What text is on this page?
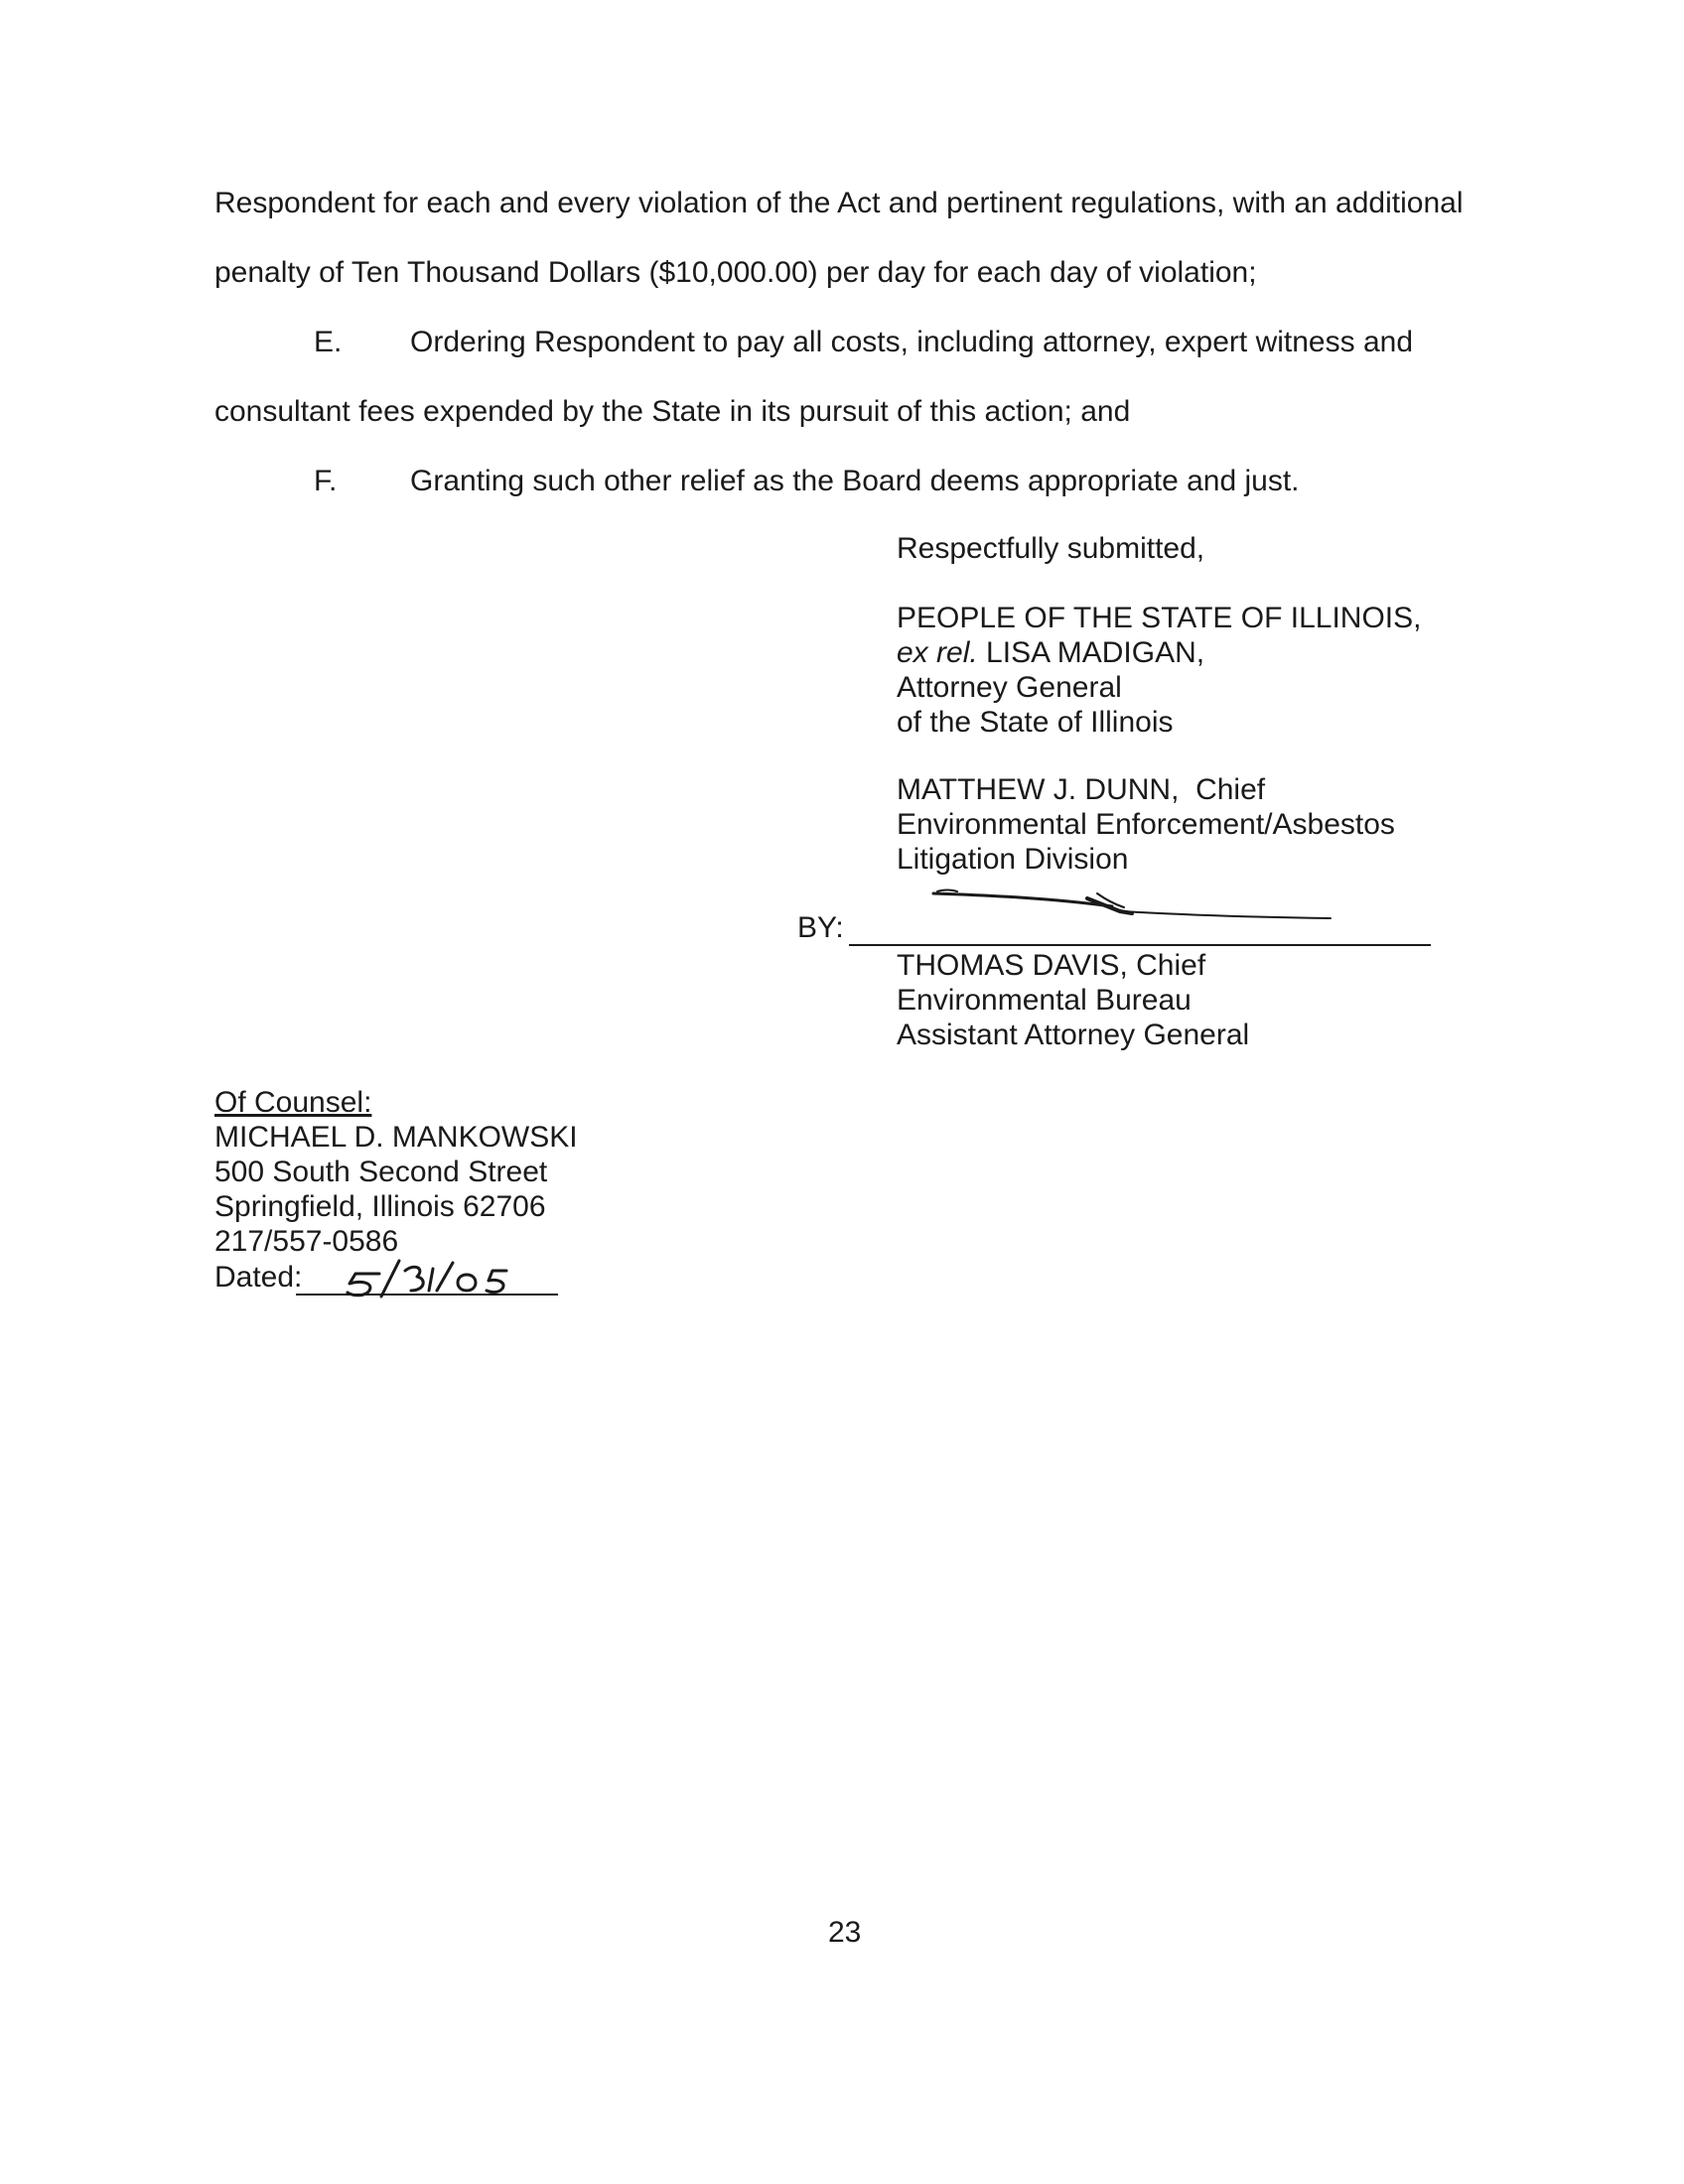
Respondent for each and every violation of the Act and pertinent regulations, with an additional
penalty of Ten Thousand Dollars ($10,000.00) per day for each day of violation;
E. Ordering Respondent to pay all costs, including attorney, expert witness and
consultant fees expended by the State in its pursuit of this action; and
F. Granting such other relief as the Board deems appropriate and just.
Respectfully submitted,
PEOPLE OF THE STATE OF ILLINOIS,
ex rel. LISA MADIGAN,
Attorney General
of the State of Illinois
MATTHEW J. DUNN,  Chief
Environmental Enforcement/Asbestos
Litigation Division
BY:
THOMAS DAVIS, Chief
Environmental Bureau
Assistant Attorney General
Of Counsel:
MICHAEL D. MANKOWSKI
500 South Second Street
Springfield, Illinois 62706
217/557-0586
Dated:
23
